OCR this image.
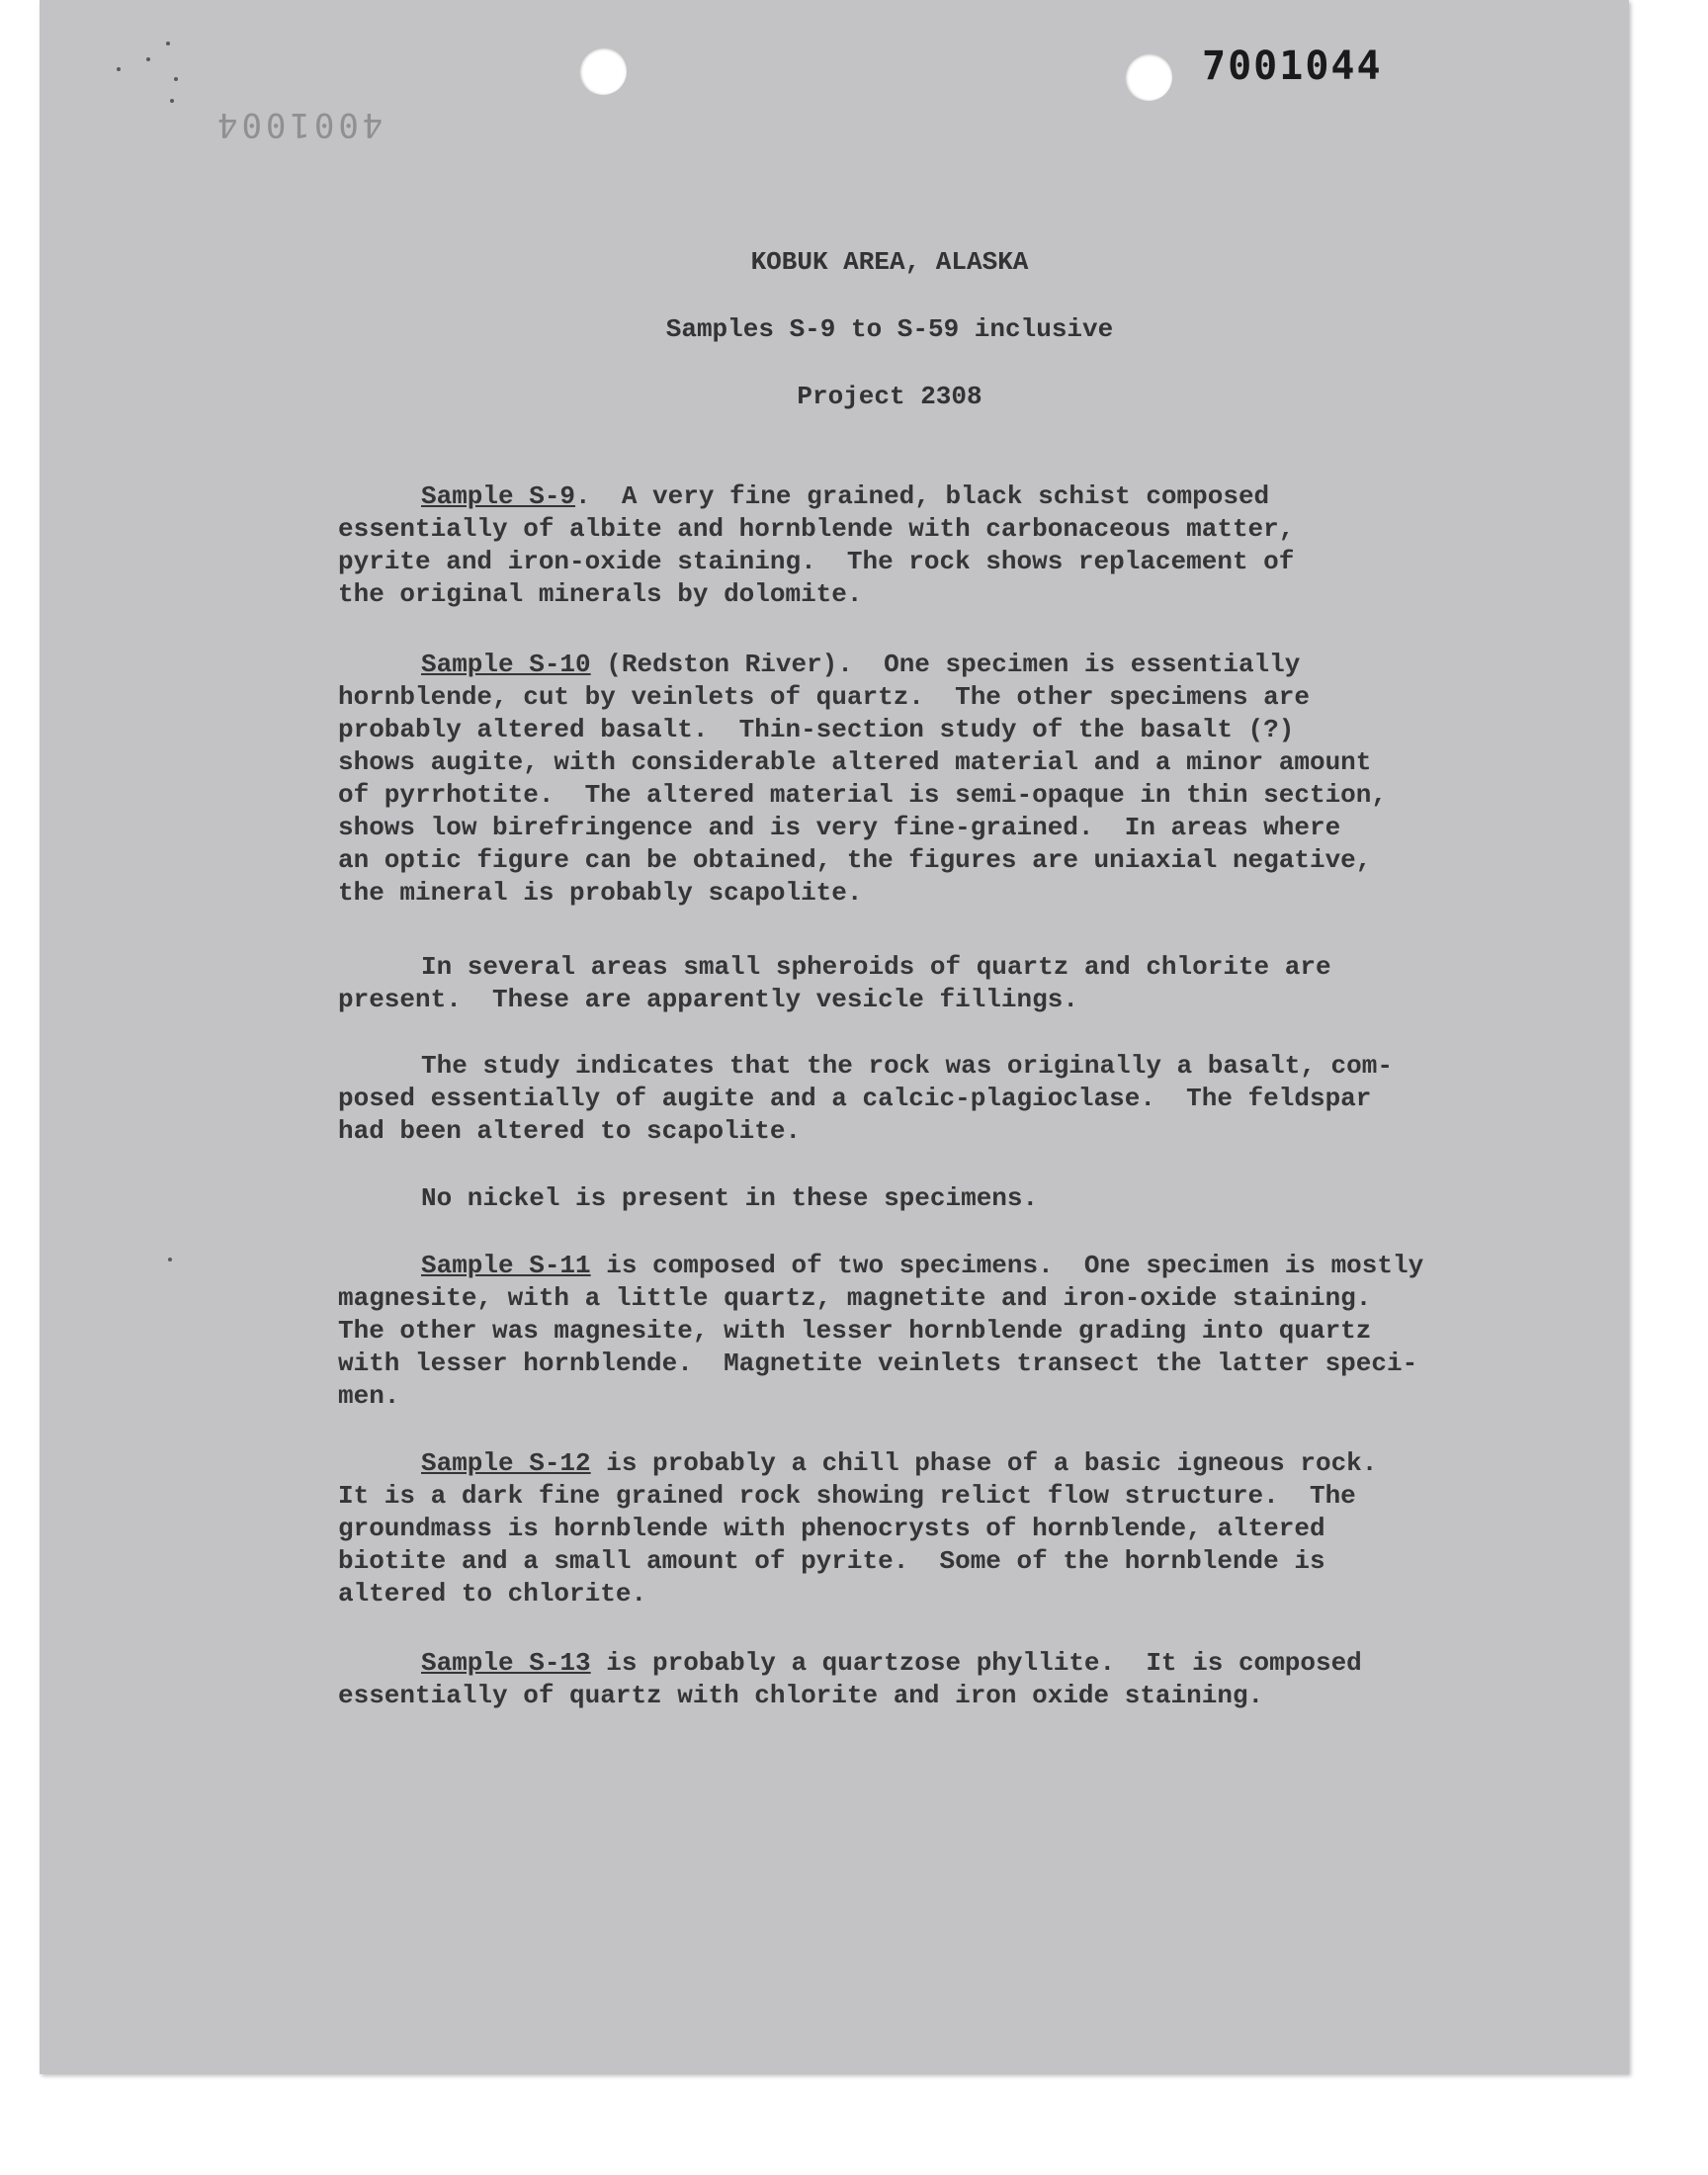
7001044
4001004
KOBUK AREA, ALASKA
Samples S-9 to S-59 inclusive
Project 2308
Sample S-9.  A very fine grained, black schist composed
essentially of albite and hornblende with carbonaceous matter,
pyrite and iron-oxide staining.  The rock shows replacement of
the original minerals by dolomite.
Sample S-10 (Redston River).  One specimen is essentially
hornblende, cut by veinlets of quartz.  The other specimens are
probably altered basalt.  Thin-section study of the basalt (?)
shows augite, with considerable altered material and a minor amount
of pyrrhotite.  The altered material is semi-opaque in thin section,
shows low birefringence and is very fine-grained.  In areas where
an optic figure can be obtained, the figures are uniaxial negative,
the mineral is probably scapolite.
In several areas small spheroids of quartz and chlorite are
present.  These are apparently vesicle fillings.
The study indicates that the rock was originally a basalt, com-
posed essentially of augite and a calcic-plagioclase.  The feldspar
had been altered to scapolite.
No nickel is present in these specimens.
Sample S-11 is composed of two specimens.  One specimen is mostly
magnesite, with a little quartz, magnetite and iron-oxide staining.
The other was magnesite, with lesser hornblende grading into quartz
with lesser hornblende.  Magnetite veinlets transect the latter speci-
men.
Sample S-12 is probably a chill phase of a basic igneous rock.
It is a dark fine grained rock showing relict flow structure.  The
groundmass is hornblende with phenocrysts of hornblende, altered
biotite and a small amount of pyrite.  Some of the hornblende is
altered to chlorite.
Sample S-13 is probably a quartzose phyllite.  It is composed
essentially of quartz with chlorite and iron oxide staining.
